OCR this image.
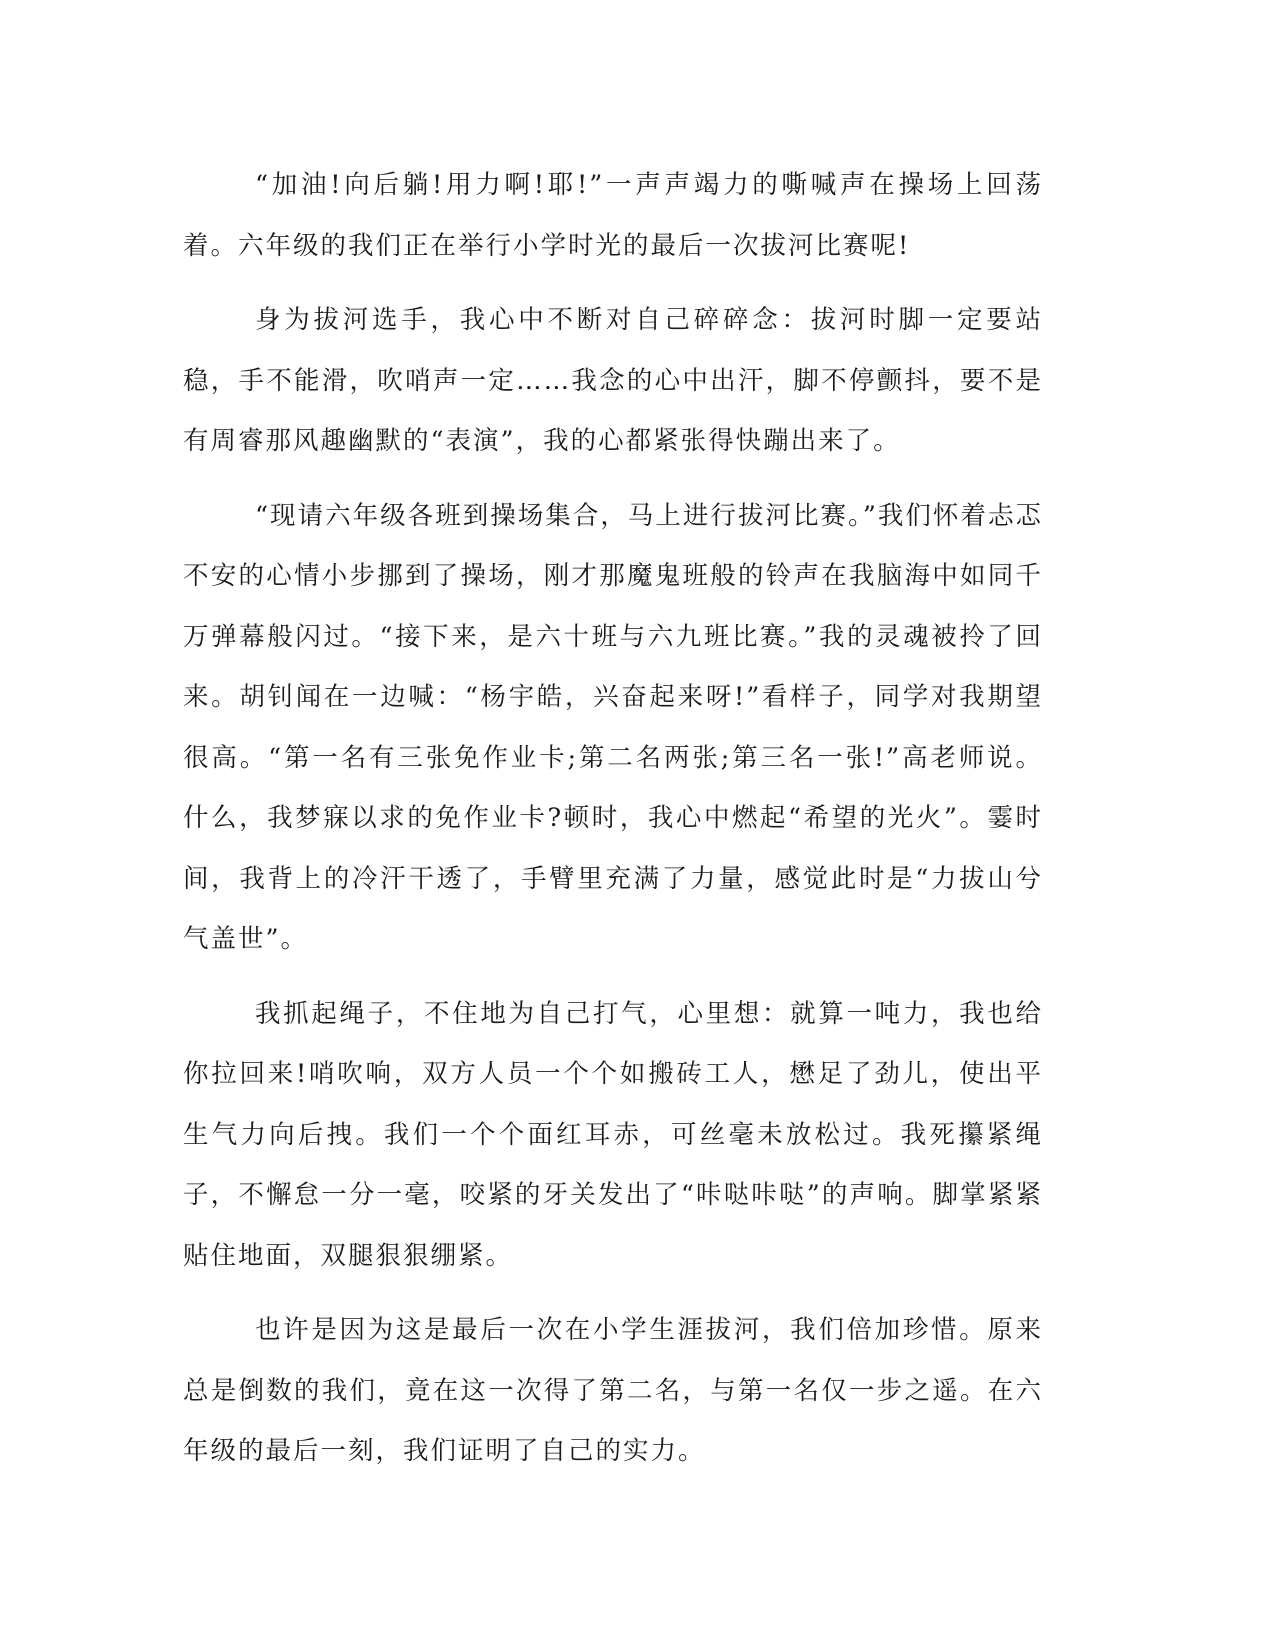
“加油!向后躺!用力啊!耶!”一声声竭力的嘶喊声在操场上回荡着。六年级的我们正在举行小学时光的最后一次拔河比赛呢!

身为拔河选手，我心中不断对自己碎碎念：拔河时脚一定要站稳，手不能滑，吹哨声一定……我念的心中出汗，脚不停颤抖，要不是有周睿那风趣幽默的“表演”，我的心都紧张得快蹦出来了。

“现请六年级各班到操场集合，马上进行拔河比赛。”我们怀着忐忑不安的心情小步挪到了操场，刚才那魔鬼班般的铃声在我脑海中如同千万弹幕般闪过。“接下来，是六十班与六九班比赛。”我的灵魂被拎了回来。胡钊闻在一边喊：“杨宇皓，兴奋起来呀!”看样子，同学对我期望很高。“第一名有三张免作业卡;第二名两张;第三名一张!”高老师说。什么，我梦寐以求的免作业卡?顿时，我心中燃起“希望的光火”。霎时间，我背上的冷汗干透了，手臂里充满了力量，感觉此时是“力拔山兮气盖世”。

我抓起绳子，不住地为自己打气，心里想：就算一吨力，我也给你拉回来!哨吹响，双方人员一个个如搬砖工人，懋足了劲儿，使出平生气力向后拽。我们一个个面红耳赤，可丝毫未放松过。我死攥紧绳子，不懈怠一分一毫，咬紧的牙关发出了“咔哒咔哒”的声响。脚掌紧紧贴住地面，双腿狠狠绷紧。

也许是因为这是最后一次在小学生涯拔河，我们倍加珍惜。原来总是倒数的我们，竟在这一次得了第二名，与第一名仅一步之遥。在六年级的最后一刻，我们证明了自己的实力。
